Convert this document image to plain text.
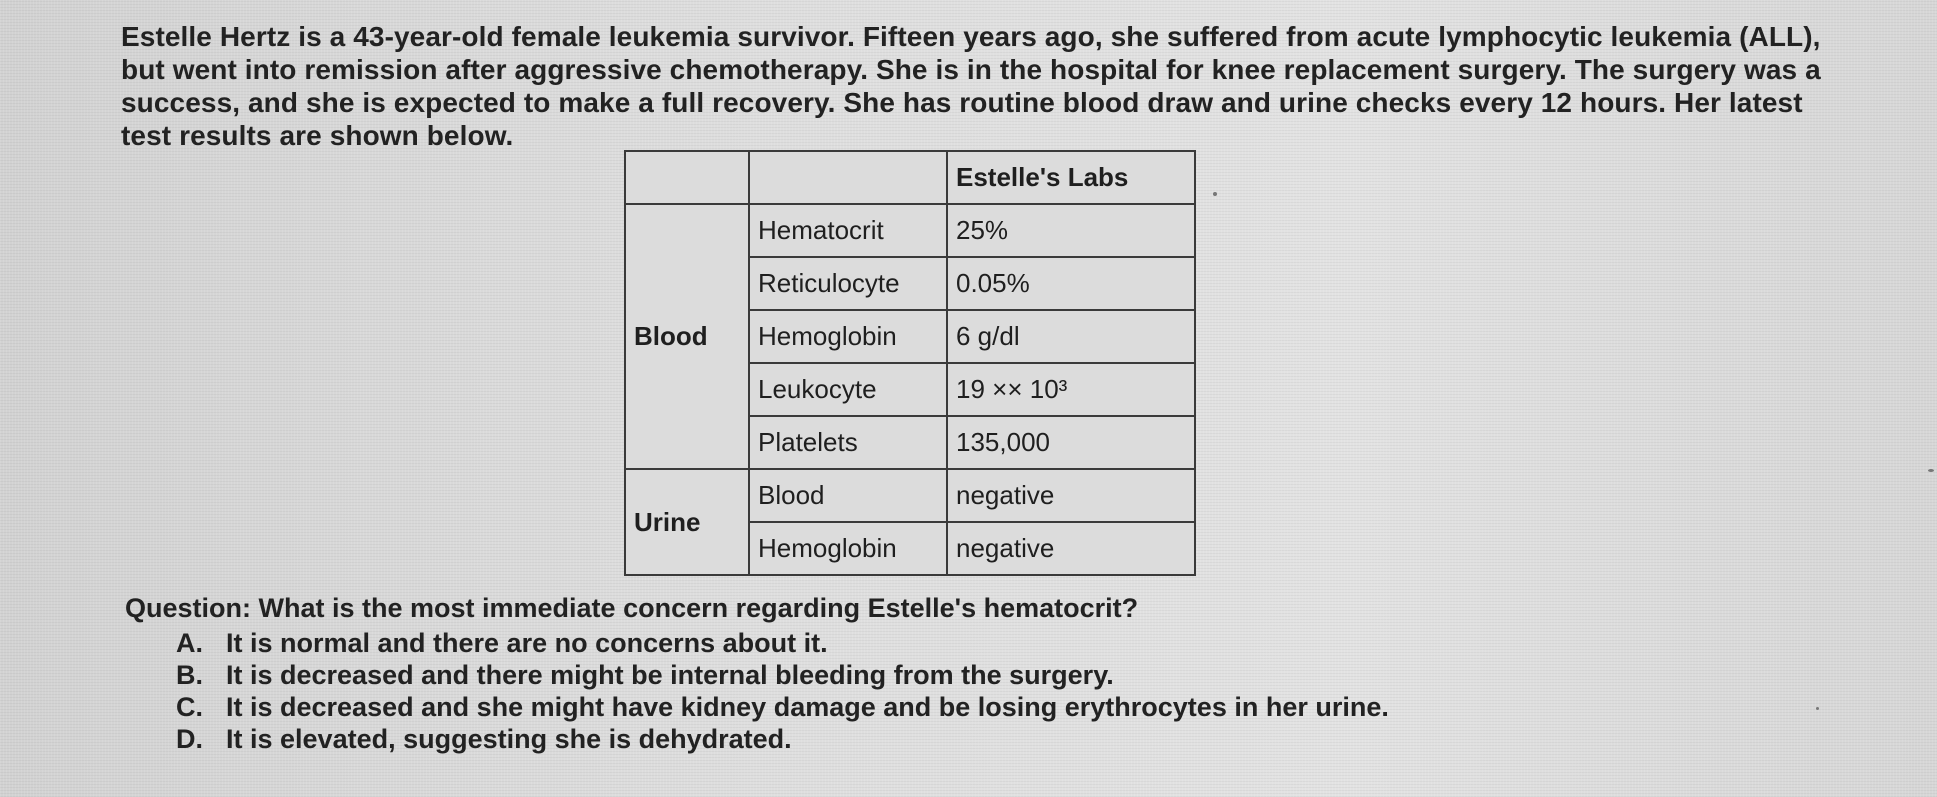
Estelle Hertz is a 43-year-old female leukemia survivor. Fifteen years ago, she suffered from acute lymphocytic leukemia (ALL), but went into remission after aggressive chemotherapy. She is in the hospital for knee replacement surgery. The surgery was a success, and she is expected to make a full recovery. She has routine blood draw and urine checks every 12 hours. Her latest test results are shown below.

		Estelle's Labs
Blood	Hematocrit	25%
	Reticulocyte	0.05%
	Hemoglobin	6 g/dl
	Leukocyte	19 ×× 10³
	Platelets	135,000
Urine	Blood	negative
	Hemoglobin	negative
Question: What is the most immediate concern regarding Estelle's hematocrit?
A. It is normal and there are no concerns about it.
B. It is decreased and there might be internal bleeding from the surgery.
C. It is decreased and she might have kidney damage and be losing erythrocytes in her urine.
D. It is elevated, suggesting she is dehydrated.
